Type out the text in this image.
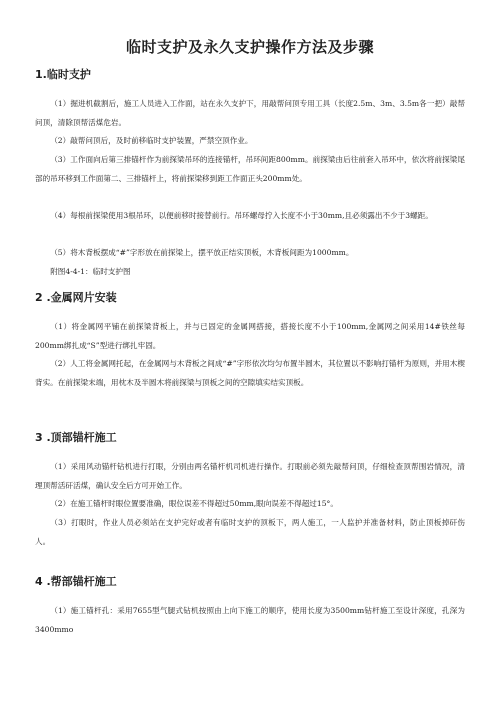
临时支护及永久支护操作方法及步骤
1.临时支护
（1）掘进机截割后，施工人员进入工作面，站在永久支护下，用敲帮问顶专用工具（长度2.5m、3m、3.5m各一把）敲帮问顶，清除顶帮活煤危岩。
（2）敲帮问顶后，及时前移临时支护装置，严禁空顶作业。
（3）工作面向后第三排锚杆作为前探梁吊环的连接锚杆，吊环间距800mm。前探梁由后往前套入吊环中，依次将前探梁尾部的吊环移到工作面第二、三排锚杆上，将前探梁移到距工作面正头200mm处。
（4）每根前探梁使用3根吊环，以便前移时接替前行。吊环螺母拧入长度不小于30mm,且必须露出不少于3螺距。
（5）将木背板摆成“#”字形放在前探梁上，摆平放正结实顶板，木背板间距为1000mm。
附图4-4-1：临时支护图
2 .金属网片安装
（1）将金属网平铺在前探梁背板上，并与已固定的金属网搭接，搭接长度不小于100mm,金属网之间采用14#铁丝每200mm绑扎成“S”型进行绑扎牢固。
（2）人工将金属网托起，在金属网与木背板之间成“#”字形依次均匀布置半圆木，其位置以不影响打锚杆为原则，并用木楔背实。在前探梁末端，用枕木及半圆木将前探梁与顶板之间的空隙填实结实顶板。
3 .顶部锚杆施工
（1）采用风动锚杆钻机进行打眼，分别由两名锚杆机司机进行操作。打眼前必须先敲帮问顶，仔细检查顶帮围岩情况，清理顶帮活矸活煤，确认安全后方可开始工作。
（2）在施工锚杆时眼位置要准确，眼位误差不得超过50mm,眼向误差不得超过15°。
（3）打眼时，作业人员必须站在支护完好或者有临时支护的顶板下，两人施工，一人监护并准备材料，防止顶板掉矸伤人。
4 .帮部锚杆施工
（1）施工锚杆孔：采用7655型气腿式钻机按照由上向下施工的顺序，使用长度为3500mm钻杆施工至设计深度，孔深为3400mmo
